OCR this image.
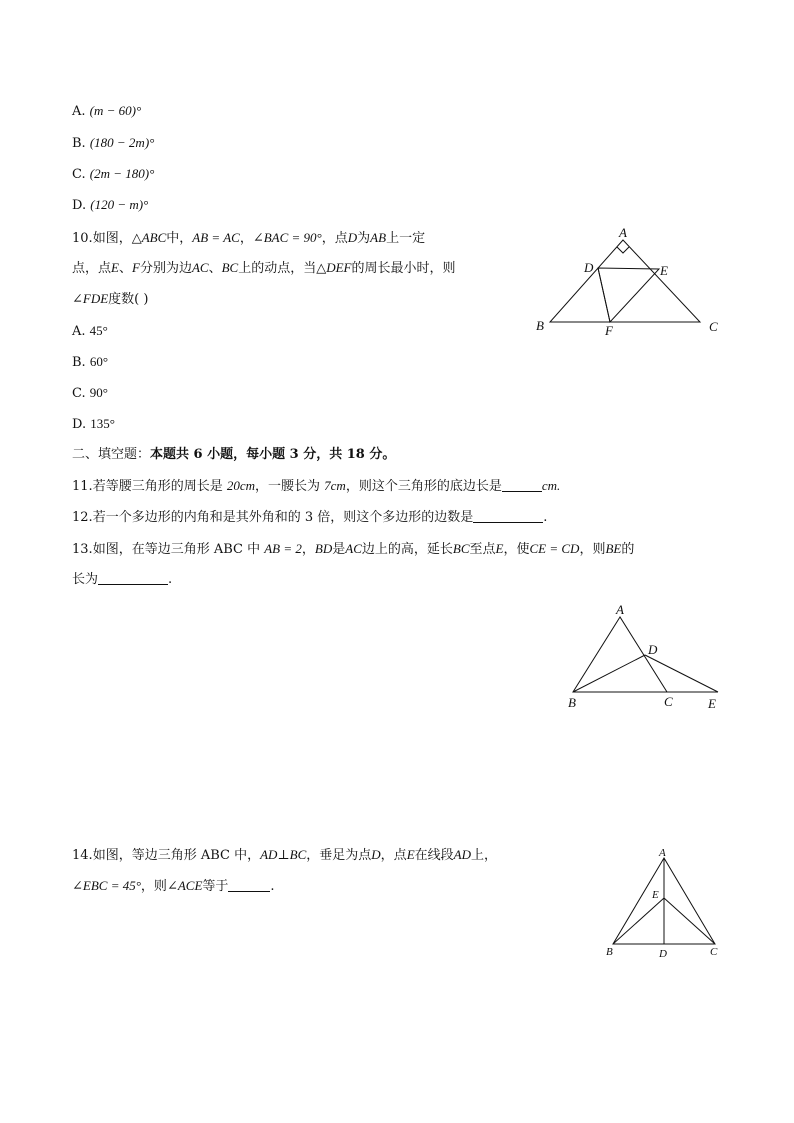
A. (m − 60)°
B. (180 − 2m)°
C. (2m − 180)°
D. (120 − m)°
10.如图，△ABC中，AB = AC，∠BAC = 90°，点D为AB上一定
点，点E、F分别为边AC、BC上的动点，当△DEF的周长最小时，则
∠FDE度数( )
A. 45°
B. 60°
C. 90°
D. 135°
A
B	C
D	E
F
二、填空题：本题共 6 小题，每小题 3 分，共 18 分。
11.若等腰三角形的周长是 20cm，一腰长为 7cm，则这个三角形的底边长是	cm.
12.若一个多边形的内角和是其外角和的 3 倍，则这个多边形的边数是	.
13.如图，在等边三角形 ABC 中 AB = 2，BD是AC边上的高，延长BC至点E，使CE = CD，则BE的
长为	.
A
B	C
D
E
14.如图，等边三角形 ABC 中，AD⊥BC，垂足为点D，点E在线段AD上，
∠EBC = 45°，则∠ACE等于	.
A
B	C
D
E
